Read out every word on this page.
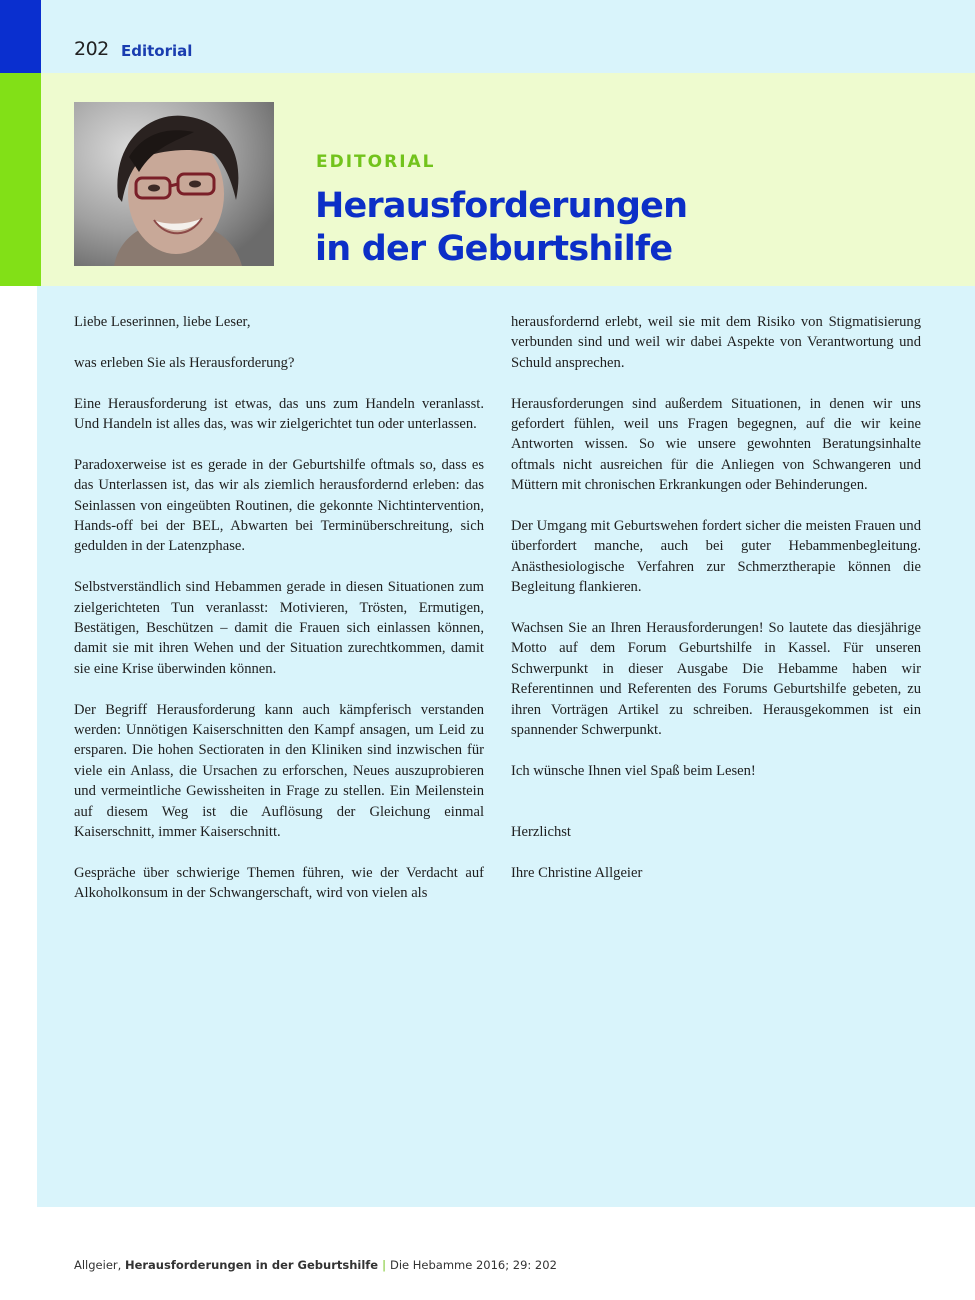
202 Editorial
EDITORIAL
Herausforderungen
in der Geburtshilfe

Liebe Leserinnen, liebe Leser,

was erleben Sie als Herausforderung?

Eine Herausforderung ist etwas, das uns zum Handeln veranlasst. Und Handeln ist alles das, was wir zielgerichtet tun oder unterlassen.

Paradoxerweise ist es gerade in der Geburtshilfe oftmals so, dass es das Unterlassen ist, das wir als ziemlich herausfordernd erleben: das Seinlassen von eingeübten Routinen, die gekonnte Nichtintervention, Hands-off bei der BEL, Abwarten bei Terminüberschreitung, sich gedulden in der Latenzphase.

Selbstverständlich sind Hebammen gerade in diesen Situationen zum zielgerichteten Tun veranlasst: Motivieren, Trösten, Ermutigen, Bestätigen, Beschützen – damit die Frauen sich einlassen können, damit sie mit ihren Wehen und der Situation zurechtkommen, damit sie eine Krise überwinden können.

Der Begriff Herausforderung kann auch kämpferisch verstanden werden: Unnötigen Kaiserschnitten den Kampf ansagen, um Leid zu ersparen. Die hohen Sectioraten in den Kliniken sind inzwischen für viele ein Anlass, die Ursachen zu erforschen, Neues auszuprobieren und vermeintliche Gewissheiten in Frage zu stellen. Ein Meilenstein auf diesem Weg ist die Auflösung der Gleichung einmal Kaiserschnitt, immer Kaiserschnitt.

Gespräche über schwierige Themen führen, wie der Verdacht auf Alkoholkonsum in der Schwangerschaft, wird von vielen als

herausfordernd erlebt, weil sie mit dem Risiko von Stigmatisierung verbunden sind und weil wir dabei Aspekte von Verantwortung und Schuld ansprechen.

Herausforderungen sind außerdem Situationen, in denen wir uns gefordert fühlen, weil uns Fragen begegnen, auf die wir keine Antworten wissen. So wie unsere gewohnten Beratungsinhalte oftmals nicht ausreichen für die Anliegen von Schwangeren und Müttern mit chronischen Erkrankungen oder Behinderungen.

Der Umgang mit Geburtswehen fordert sicher die meisten Frauen und überfordert manche, auch bei guter Hebammenbegleitung. Anästhesiologische Verfahren zur Schmerztherapie können die Begleitung flankieren.

Wachsen Sie an Ihren Herausforderungen! So lautete das diesjährige Motto auf dem Forum Geburtshilfe in Kassel. Für unseren Schwerpunkt in dieser Ausgabe Die Hebamme haben wir Referentinnen und Referenten des Forums Geburtshilfe gebeten, zu ihren Vorträgen Artikel zu schreiben. Herausgekommen ist ein spannender Schwerpunkt.

Ich wünsche Ihnen viel Spaß beim Lesen!

Herzlichst

Ihre Christine Allgeier

Allgeier, Herausforderungen in der Geburtshilfe | Die Hebamme 2016; 29: 202
